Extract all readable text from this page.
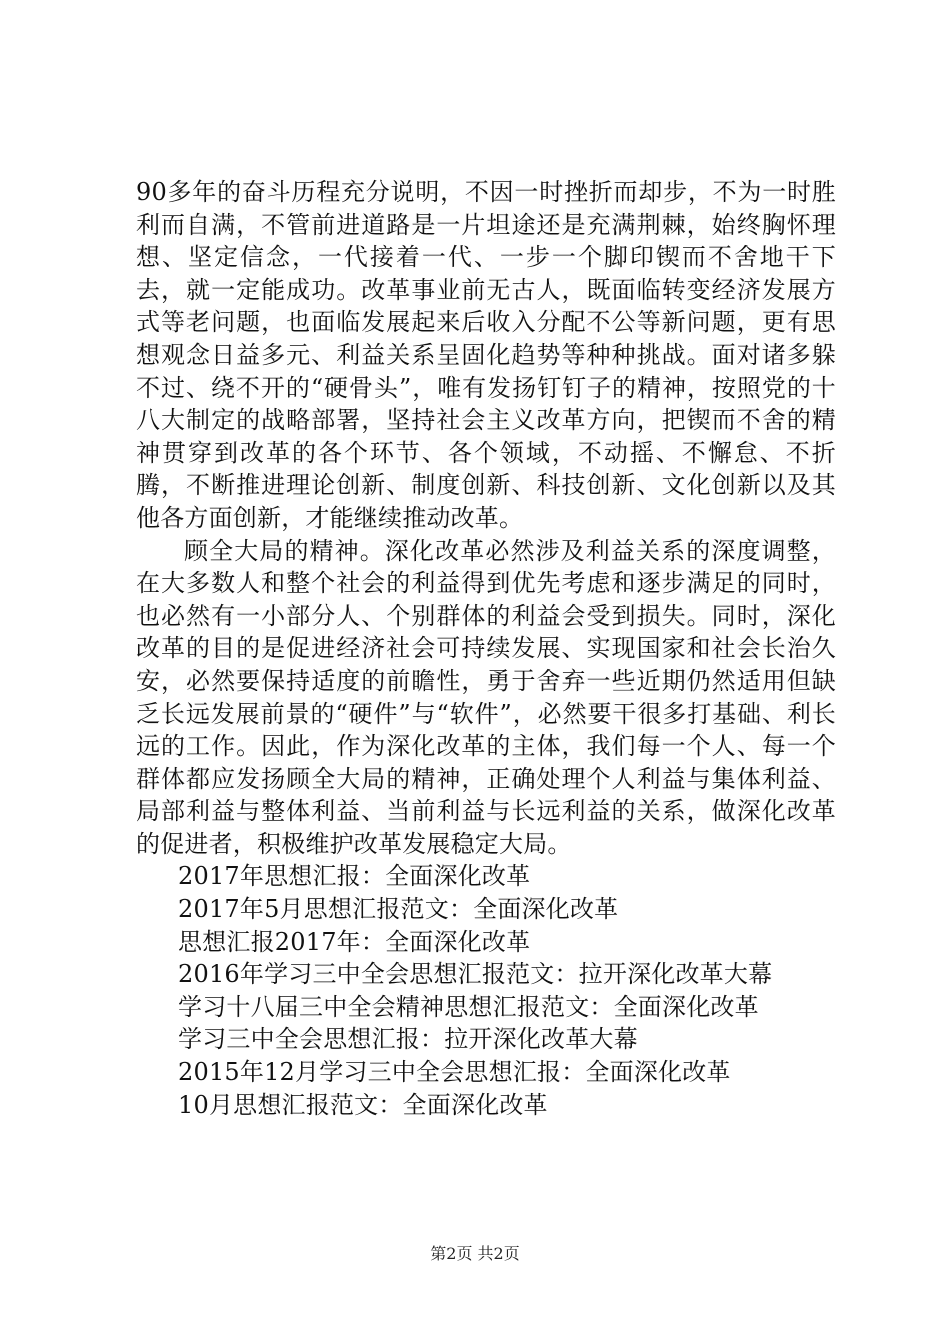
90多年的奋斗历程充分说明，不因一时挫折而却步，不为一时胜利而自满，不管前进道路是一片坦途还是充满荆棘，始终胸怀理想、坚定信念，一代接着一代、一步一个脚印锲而不舍地干下去，就一定能成功。改革事业前无古人，既面临转变经济发展方式等老问题，也面临发展起来后收入分配不公等新问题，更有思想观念日益多元、利益关系呈固化趋势等种种挑战。面对诸多躲不过、绕不开的“硬骨头”，唯有发扬钉钉子的精神，按照党的十八大制定的战略部署，坚持社会主义改革方向，把锲而不舍的精神贯穿到改革的各个环节、各个领域，不动摇、不懈怠、不折腾，不断推进理论创新、制度创新、科技创新、文化创新以及其他各方面创新，才能继续推动改革。

顾全大局的精神。深化改革必然涉及利益关系的深度调整，在大多数人和整个社会的利益得到优先考虑和逐步满足的同时，也必然有一小部分人、个别群体的利益会受到损失。同时，深化改革的目的是促进经济社会可持续发展、实现国家和社会长治久安，必然要保持适度的前瞻性，勇于舍弃一些近期仍然适用但缺乏长远发展前景的“硬件”与“软件”，必然要干很多打基础、利长远的工作。因此，作为深化改革的主体，我们每一个人、每一个群体都应发扬顾全大局的精神，正确处理个人利益与集体利益、局部利益与整体利益、当前利益与长远利益的关系，做深化改革的促进者，积极维护改革发展稳定大局。

2017年思想汇报：全面深化改革
2017年5月思想汇报范文：全面深化改革
思想汇报2017年：全面深化改革
2016年学习三中全会思想汇报范文：拉开深化改革大幕
学习十八届三中全会精神思想汇报范文：全面深化改革
学习三中全会思想汇报：拉开深化改革大幕
2015年12月学习三中全会思想汇报：全面深化改革
10月思想汇报范文：全面深化改革
第2页 共2页
